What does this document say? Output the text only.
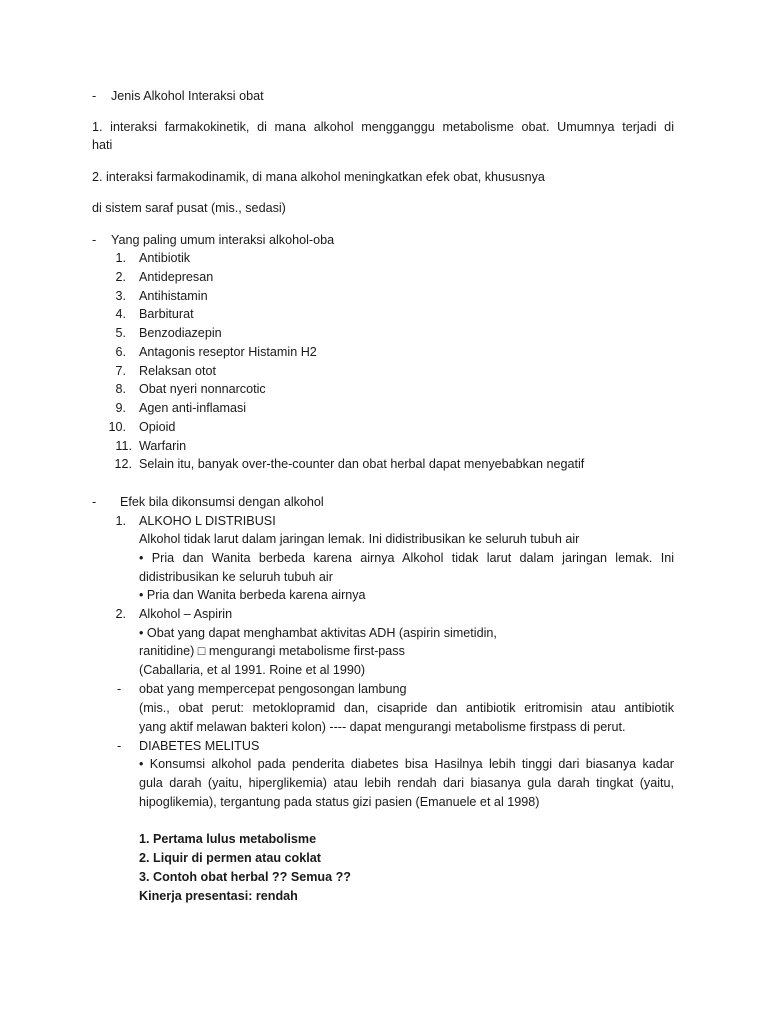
- Jenis Alkohol Interaksi obat
1. interaksi farmakokinetik, di mana alkohol mengganggu metabolisme obat. Umumnya terjadi di
hati
2. interaksi farmakodinamik, di mana alkohol meningkatkan efek obat, khususnya
di sistem saraf pusat (mis., sedasi)
- Yang paling umum interaksi alkohol-oba
1. Antibiotik
2. Antidepresan
3. Antihistamin
4. Barbiturat
5. Benzodiazepin
6. Antagonis reseptor Histamin H2
7. Relaksan otot
8. Obat nyeri nonnarcotic
9. Agen anti-inflamasi
10. Opioid
11. Warfarin
12. Selain itu, banyak over-the-counter dan obat herbal dapat menyebabkan negatif
- Efek bila dikonsumsi dengan alkohol
1. ALKOHO L DISTRIBUSI
Alkohol tidak larut dalam jaringan lemak. Ini didistribusikan ke seluruh tubuh air
• Pria dan Wanita berbeda karena airnya Alkohol tidak larut dalam jaringan lemak. Ini
didistribusikan ke seluruh tubuh air
• Pria dan Wanita berbeda karena airnya
2. Alkohol – Aspirin
• Obat yang dapat menghambat aktivitas ADH (aspirin simetidin,
ranitidine) □ mengurangi metabolisme first-pass
(Caballaria, et al 1991. Roine et al 1990)
- obat yang mempercepat pengosongan lambung
(mis., obat perut: metoklopramid dan, cisapride dan antibiotik eritromisin atau antibiotik
yang aktif melawan bakteri kolon) ---- dapat mengurangi metabolisme firstpass di perut.
- DIABETES MELITUS
• Konsumsi alkohol pada penderita diabetes bisa Hasilnya lebih tinggi dari biasanya kadar
gula darah (yaitu, hiperglikemia) atau lebih rendah dari biasanya gula darah tingkat (yaitu,
hipoglikemia), tergantung pada status gizi pasien (Emanuele et al 1998)
1. Pertama lulus metabolisme
2. Liquir di permen atau coklat
3. Contoh obat herbal ?? Semua ??
Kinerja presentasi: rendah
